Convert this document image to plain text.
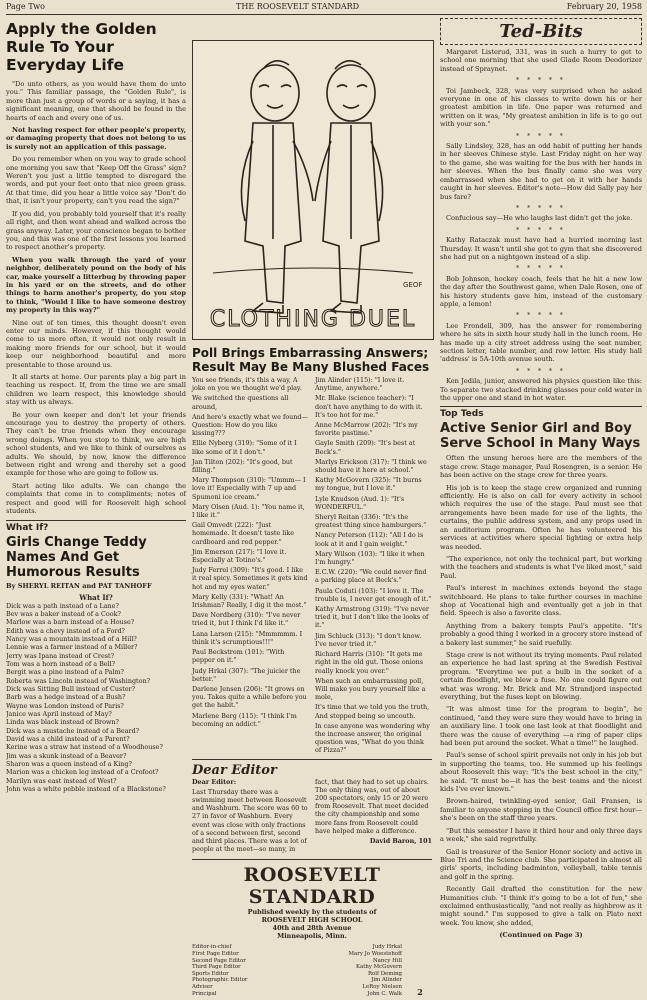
Page Two	THE ROOSEVELT STANDARD	February 20, 1958
Apply the Golden Rule To Your Everyday Life

"Do unto others, as you would have them do unto you." This familiar passage, the "Golden Rule", is more than just a group of words or a saying, it has a significant meaning, one that should be found in the hearts of each and every one of us.

Not having respect for other people's property, or damaging property that does not belong to us is surely not an application of this passage.

Do you remember when on you way to grade school one morning you saw that "Keep Off the Grass" sign? Weren't you just a little tempted to disregard the words, and put your feet onto that nice green grass. At that time, did you hear a little voice say "Don't do that, it isn't your property, can't you read the sign?"

If you did, you probably told yourself that it's really all right, and then went ahead and walked across the grass anyway. Later, your conscience began to bother you, and this was one of the first lessons you learned to respect another's property.

When you walk through the yard of your neighbor, deliberately pound on the body of his car, make yourself a litterbug by throwing paper in his yard or on the streets, and do other things to harm another's property, do you stop to think, "Would I like to have someone destroy my property in this way?"

Nine out of ten times, this thought doesn't even enter our minds. However, if this thought would come to us more often, it would not only result in making more friends for our school, but it would keep our neighborhood beautiful and more presentable to those around us.

It all starts at home. Our parents play a big part in teaching us respect. If, from the time we are small children we learn respect, this knowledge should stay with us always.

Be your own keeper and don't let your friends encourage you to destroy the property of others. They can't be true friends when they encourage wrong doings. When you stop to think, we are high school students, and we like to think of ourselves as adults. We should, by now, know the difference between right and wrong and thereby set a good example for those who are going to follow us.

Start acting like adults. We can change the complaints that come in to compliments; notes of respect and good will for Roosevelt high school students.

What If?
Girls Change Teddy Names And Get Humorous Results
By SHERYL REITAN and PAT TANHOFF
What If?
Dick was a path instead of a Lane?
Bev was a baker instead of a Cook?
Marlow was a barn instead of a House?
Edith was a chevy instead of a Ford?
Nancy was a mountain instead of a Hill?
Lennie was a farmer instead of a Miller?
Jerry was Ipana instead of Crest?
Tom was a horn instead of a Bell?
Bergit was a pine instead of a Palm?
Roberta was Lincoln instead of Washington?
Dick was Sitting Bull instead of Custer?
Barb was a hedge instead of a Bush?
Wayne was London instead of Paris?
Janice was April instead of May?
Linda was black instead of Brown?
Dick was a mustache instead of a Beard?
David was a child instead of a Parent?
Kerine was a straw hat instead of a Woodhouse?
Jim was a skunk instead of a Beaver?
Sharon was a queen instead of a King?
Marion was a chicken leg instead of a Crofoot?
Marilyn was east instead of West?
John was a white pebble instead of a Blackstone?
GEOF
CLOTHING DUEL
Poll Brings Embarrassing Answers; Result May Be Many Blushed Faces

You see friends, it's this a way, A joke on you we thought we'd play.

We switched the questions all around,

And here's exactly what we found— Question: How do you like kissing???

Ellie Nyberg (319): "Some of it I like some of it I don't."

Jan Tilton (202): "It's good, but filling."

Mary Thompson (310): "Ummm— I love it! Especially with 7 up and Spumoni ice cream."

Mary Olsen (Aud. 1): "You name it, I like it."

Gail Omvedt (222): "Just homemade. It doesn't taste like cardboard and red pepper."

Jim Emerson (217): "I love it. Especially at Totino's."

Judy Ferrel (309): "It's good. I like it real spicy. Sometimes it gets kind hot and my eyes water."

Mary Kelly (331): "What! An Irishman? Really, I dig it the most."

Dave Nordberg (310): "I've never tried it, but I think I'd like it."

Lana Larson (215): "Mmmmmm. I think it's scrumptious!!!"

Paul Beckstrom (101): "With pepper on it."

Judy Hrkal (307): "The juicier the better."

Darlene Jensen (206): "It grows on you. Takes quite a while before you get the habit."

Marlene Berg (115): "I think I'm becoming an addict."

Jim Alinder (115): "I love it. Anytime, anywhere."

Mr. Blake (science teacher): "I don't have anything to do with it. It's too hot for me."

Anne McMarrow (202): "It's my favorite pastime."

Gayle Smith (209): "It's best at Beck's."

Marlys Erickson (317): "I think we should have it here at school."

Kathy McGovern (325): "It burns my tongue, but I love it."

Lyle Knudson (Aud. 1): "It's WONDERFUL."

Sheryl Reitan (336): "It's the greatest thing since hamburgers."

Nancy Peterson (112): "All I do is look at it and I gain weight."

Mary Wilson (103): "I like it when I'm hungry."

E.C.W. (220): "We could never find a parking place at Beck's."

Paula Coduti (103): "I love it. The trouble is, I never get enough of it."

Kathy Armstrong (319): "I've never tried it, but I don't like the looks of it."

Jim Schluck (313): "I don't know. I've never tried it."

Richard Harris (310): "It gets me right in the old gut. Those onions really knock you over."

When such an embarrassing poll, Will make you bury yourself like a mole,

It's time that we told you the truth, And stopped being so uncouth.

In case anyone was wondering why the increase answer, the original question was, "What do you think of Pizza?"

Dear Editor

Dear Editor:

Last Thursday there was a swimming meet between Roosevelt and Washburn. The score was 60 to 27 in favor of Washburn. Every event was close with only fractions of a second between first, second and third places. There was a lot of people at the meet—so many, in

fact, that they had to set up chairs. The only thing was, out of about 200 spectators, only 15 or 20 were from Roosevelt. That meet decided the city championship and some more fans from Roosevelt could have helped make a difference.

David Baron, 101

ROOSEVELT STANDARD
Published weekly by the students of
ROOSEVELT HIGH SCHOOL
40th and 28th Avenue
Minneapolis, Minn.
Editor-in-chief	Judy Hrkal
First Page Editor	Mary Jo Woestehoff
Second Page Editor	Nancy Hill
Third Page Editor	Kathy McGovern
Sports Editor	Rolf Deming
Photographic Editor	Jim Alinder
Adviser	LeRoy Nielsen
Principal	John C. Walk	2
Ted-Bits

Margaret Listerud, 331, was in such a hurry to get to school one morning that she used Glade Room Deodorizer instead of Spraynet.

* * * * *

Toi Jambeck, 328, was very surprised when he asked everyone in one of his classes to write down his or her greatest ambition in life. One paper was returned and written on it was, "My greatest ambition in life is to go out with your son."

* * * * *

Sally Lindsley, 328, has an odd habit of putting her hands in her sleeves Chinese style. Last Friday night on her way to the game, she was waiting for the bus with her hands in her sleeves. When the bus finally came she was very embarrassed when she had to get on it with her hands caught in her sleeves. Editor's note—How did Sally pay her bus fare?

* * * * *

Confucious say—He who laughs last didn't get the joke.

* * * * *

Kathy Rataczak must have had a hurried morning last Thursday. It wasn't until she got to gym that she discovered she had put on a nightgown instead of a slip.

* * * * *

Bob Johnson, hockey coach, feels that he hit a new low the day after the Southwest game, when Dale Rosen, one of his history students gave him, instead of the customary apple, a lemon!

* * * * *

Lee Frondell, 309, has the answer for remembering where he sits in sixth hour study hall in the lunch room. He has made up a city street address using the seat number, section letter, table number, and row letter. His study hall 'address' is 5A-10th avenue south.

* * * * *

Ken Jedila, junior, answered his physics question like this: To separate two stacked drinking glasses pour cold water in the upper one and stand in hot water.

Top Teds
Active Senior Girl and Boy Serve School in Many Ways

Often the unsung heroes here are the members of the stage crew. Stage manager, Paul Rosengren, is a senior. He has been active on the stage crew for three years.

His job is to keep the stage crew organized and running efficiently. He is also on call for every activity in school which requires the use of the stage. Paul must see that arrangements have been made for use of the lights, the curtains, the public address system, and any props used in an auditorium program. Often he has volunteered his services at activities where special lighting or extra help was needed.

"The experience, not only the technical part, but working with the teachers and students is what I've liked most," said Paul.

Paul's interest in machines extends beyond the stage switchboard. He plans to take further courses in machine shop at Vocational high and eventually get a job in that field. Speech is also a favorite class.

Anything from a bakery tempts Paul's appetite. "It's probably a good thing I worked in a grocery store instead of a bakery last summer," he said ruefully.

Stage crew is not without its trying moments. Paul related an experience he had last spring at the Swedish Festival program. "Everytime we put a bulb in the socket of a certain floodlight, we blew a fuse. No one could figure out what was wrong. Mr. Brick and Mr. Strandjord inspected everything, but the fuses kept on blowing.

"It was almost time for the program to begin", he continued, "and they were sure they would have to bring in an auxiliary line. I took one last look at that floodlight and there was the cause of everything —a ring of paper clips had been put around the socket. What a time!" he laughed.

Paul's sense of school spirit prevails not only in his job but in supporting the teams, too. He summed up his feelings about Roosevelt this way: "It's the best school in the city," he said. "It must be—it has the best teams and the nicest kids I've ever known."

Brown-haired, twinkling-eyed senior, Gail Fransen, is familiar to anyone stopping in the Council office first hour—she's been on the staff three years.

"But this semester I have it third hour and only three days a week," she said regretfully.

Gail is treasurer of the Senior Honor society and active in Blue Tri and the Science club. She participated in almost all girls' sports, including badminton, volleyball, table tennis and golf in the spring.

Recently Gail drafted the constitution for the new Humanities club. "I think it's going to be a lot of fun," she exclaimed enthusiastically, "and not really as highbrow as it might sound." I'm supposed to give a talk on Plato next week. You know, she added,

(Continued on Page 3)
